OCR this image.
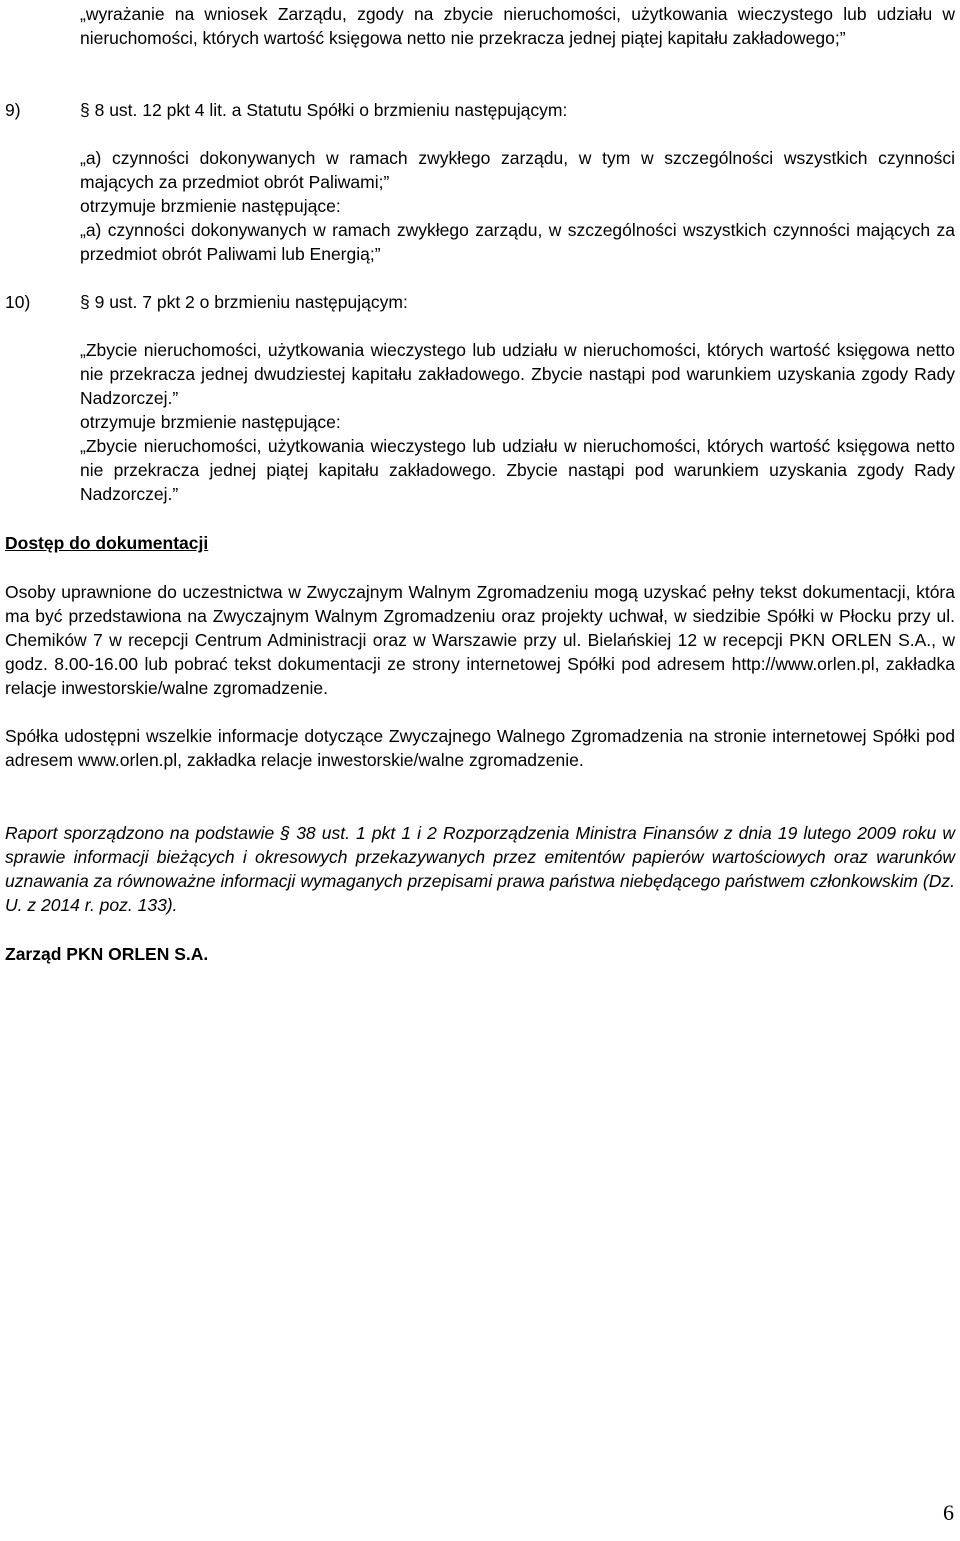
„wyrażanie na wniosek Zarządu, zgody na zbycie nieruchomości, użytkowania wieczystego lub udziału w nieruchomości, których wartość księgowa netto nie przekracza jednej piątej kapitału zakładowego;”

9)	§ 8 ust. 12 pkt 4 lit. a Statutu Spółki o brzmieniu następującym:

„a) czynności dokonywanych w ramach zwykłego zarządu, w tym w szczególności wszystkich czynności mających za przedmiot obrót Paliwami;”

otrzymuje brzmienie następujące:

„a) czynności dokonywanych w ramach zwykłego zarządu, w szczególności wszystkich czynności mających za przedmiot obrót Paliwami lub Energią;”

10)	§ 9 ust. 7 pkt 2 o brzmieniu następującym:

„Zbycie nieruchomości, użytkowania wieczystego lub udziału w nieruchomości, których wartość księgowa netto nie przekracza jednej dwudziestej kapitału zakładowego. Zbycie nastąpi pod warunkiem uzyskania zgody Rady Nadzorczej.”

otrzymuje brzmienie następujące:

„Zbycie nieruchomości, użytkowania wieczystego lub udziału w nieruchomości, których wartość księgowa netto nie przekracza jednej piątej kapitału zakładowego. Zbycie nastąpi pod warunkiem uzyskania zgody Rady Nadzorczej.”

Dostęp do dokumentacji

Osoby uprawnione do uczestnictwa w Zwyczajnym Walnym Zgromadzeniu mogą uzyskać pełny tekst dokumentacji, która ma być przedstawiona na Zwyczajnym Walnym Zgromadzeniu oraz projekty uchwał, w siedzibie Spółki w Płocku przy ul. Chemików 7 w recepcji Centrum Administracji oraz w Warszawie przy ul. Bielańskiej 12 w recepcji PKN ORLEN S.A., w godz. 8.00-16.00 lub pobrać tekst dokumentacji ze strony internetowej Spółki pod adresem http://www.orlen.pl, zakładka relacje inwestorskie/walne zgromadzenie.

Spółka udostępni wszelkie informacje dotyczące Zwyczajnego Walnego Zgromadzenia na stronie internetowej Spółki pod adresem www.orlen.pl, zakładka relacje inwestorskie/walne zgromadzenie.

Raport sporządzono na podstawie § 38 ust. 1 pkt 1 i 2 Rozporządzenia Ministra Finansów z dnia 19 lutego 2009 roku w sprawie informacji bieżących i okresowych przekazywanych przez emitentów papierów wartościowych oraz warunków uznawania za równoważne informacji wymaganych przepisami prawa państwa niebędącego państwem członkowskim (Dz. U. z 2014 r. poz. 133).

Zarząd PKN ORLEN S.A.

6
